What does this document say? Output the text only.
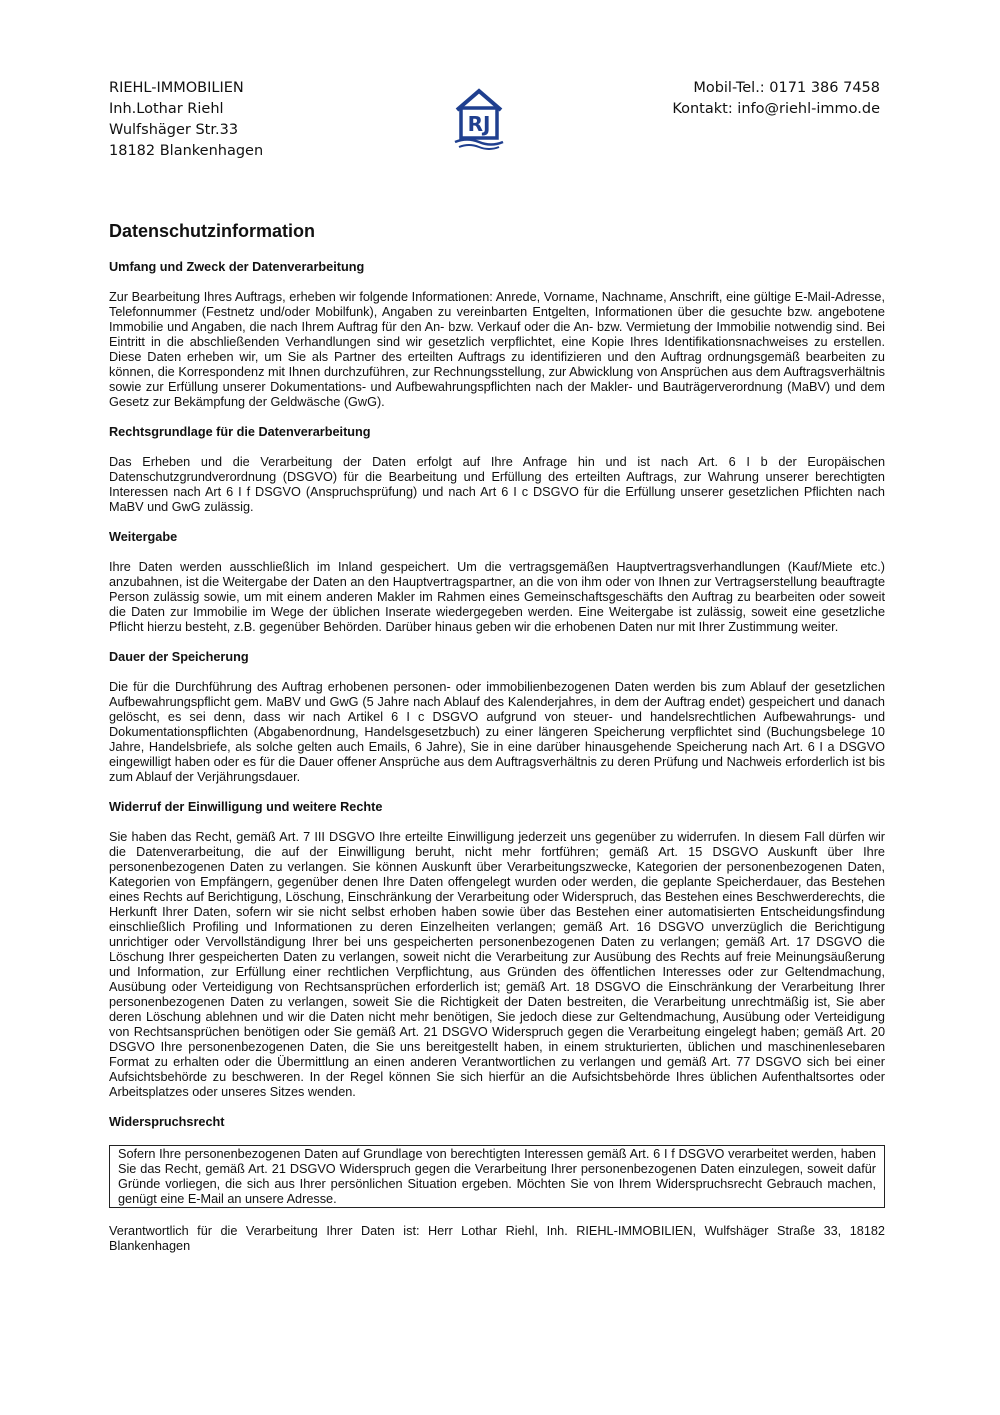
RIEHL-IMMOBILIEN
Inh.Lothar Riehl
Wulfshäger Str.33
18182 Blankenhagen
RJ
Mobil-Tel.: 0171 386 7458
Kontakt: info@riehl-immo.de
Datenschutzinformation
Umfang und Zweck der Datenverarbeitung

Zur Bearbeitung Ihres Auftrags, erheben wir folgende Informationen: Anrede, Vorname, Nachname, Anschrift, eine gültige E-Mail-Adresse, Telefonnummer (Festnetz und/oder Mobilfunk), Angaben zu vereinbarten Entgelten, Informationen über die gesuchte bzw. angebotene Immobilie und Angaben, die nach Ihrem Auftrag für den An- bzw. Verkauf oder die An- bzw. Vermietung der Immobilie notwendig sind. Bei Eintritt in die abschließenden Verhandlungen sind wir gesetzlich verpflichtet, eine Kopie Ihres Identifikationsnachweises zu erstellen. Diese Daten erheben wir, um Sie als Partner des erteilten Auftrags zu identifizieren und den Auftrag ordnungsgemäß bearbeiten zu können, die Korrespondenz mit Ihnen durchzuführen, zur Rechnungsstellung, zur Abwicklung von Ansprüchen aus dem Auftragsverhältnis sowie zur Erfüllung unserer Dokumentations- und Aufbewahrungspflichten nach der Makler- und Bauträgerverordnung (MaBV) und dem Gesetz zur Bekämpfung der Geldwäsche (GwG).

Rechtsgrundlage für die Datenverarbeitung

Das Erheben und die Verarbeitung der Daten erfolgt auf Ihre Anfrage hin und ist nach Art. 6 I b der Europäischen Datenschutzgrundverordnung (DSGVO) für die Bearbeitung und Erfüllung des erteilten Auftrags, zur Wahrung unserer berechtigten Interessen nach Art 6 I f DSGVO (Anspruchsprüfung) und nach Art 6 I c DSGVO für die Erfüllung unserer gesetzlichen Pflichten nach MaBV und GwG zulässig.

Weitergabe

Ihre Daten werden ausschließlich im Inland gespeichert. Um die vertragsgemäßen Hauptvertragsverhandlungen (Kauf/Miete etc.) anzubahnen, ist die Weitergabe der Daten an den Hauptvertragspartner, an die von ihm oder von Ihnen zur Vertragserstellung beauftragte Person zulässig sowie, um mit einem anderen Makler im Rahmen eines Gemeinschaftsgeschäfts den Auftrag zu bearbeiten oder soweit die Daten zur Immobilie im Wege der üblichen Inserate wiedergegeben werden. Eine Weitergabe ist zulässig, soweit eine gesetzliche Pflicht hierzu besteht, z.B. gegenüber Behörden. Darüber hinaus geben wir die erhobenen Daten nur mit Ihrer Zustimmung weiter.

Dauer der Speicherung

Die für die Durchführung des Auftrag erhobenen personen- oder immobilienbezogenen Daten werden bis zum Ablauf der gesetzlichen Aufbewahrungspflicht gem. MaBV und GwG (5 Jahre nach Ablauf des Kalenderjahres, in dem der Auftrag endet) gespeichert und danach gelöscht, es sei denn, dass wir nach Artikel 6 I c DSGVO aufgrund von steuer- und handelsrechtlichen Aufbewahrungs- und Dokumentationspflichten (Abgabenordnung, Handelsgesetzbuch) zu einer längeren Speicherung verpflichtet sind (Buchungsbelege 10 Jahre, Handelsbriefe, als solche gelten auch Emails, 6 Jahre), Sie in eine darüber hinausgehende Speicherung nach Art. 6 I a DSGVO eingewilligt haben oder es für die Dauer offener Ansprüche aus dem Auftragsverhältnis zu deren Prüfung und Nachweis erforderlich ist bis zum Ablauf der Verjährungsdauer.

Widerruf der Einwilligung und weitere Rechte

Sie haben das Recht, gemäß Art. 7 III DSGVO Ihre erteilte Einwilligung jederzeit uns gegenüber zu widerrufen. In diesem Fall dürfen wir die Datenverarbeitung, die auf der Einwilligung beruht, nicht mehr fortführen; gemäß Art. 15 DSGVO Auskunft über Ihre personenbezogenen Daten zu verlangen. Sie können Auskunft über Verarbeitungszwecke, Kategorien der personenbezogenen Daten, Kategorien von Empfängern, gegenüber denen Ihre Daten offengelegt wurden oder werden, die geplante Speicherdauer, das Bestehen eines Rechts auf Berichtigung, Löschung, Einschränkung der Verarbeitung oder Widerspruch, das Bestehen eines Beschwerderechts, die Herkunft Ihrer Daten, sofern wir sie nicht selbst erhoben haben sowie über das Bestehen einer automatisierten Entscheidungsfindung einschließlich Profiling und Informationen zu deren Einzelheiten verlangen; gemäß Art. 16 DSGVO unverzüglich die Berichtigung unrichtiger oder Vervollständigung Ihrer bei uns gespeicherten personenbezogenen Daten zu verlangen; gemäß Art. 17 DSGVO die Löschung Ihrer gespeicherten Daten zu verlangen, soweit nicht die Verarbeitung zur Ausübung des Rechts auf freie Meinungsäußerung und Information, zur Erfüllung einer rechtlichen Verpflichtung, aus Gründen des öffentlichen Interesses oder zur Geltendmachung, Ausübung oder Verteidigung von Rechtsansprüchen erforderlich ist; gemäß Art. 18 DSGVO die Einschränkung der Verarbeitung Ihrer personenbezogenen Daten zu verlangen, soweit Sie die Richtigkeit der Daten bestreiten, die Verarbeitung unrechtmäßig ist, Sie aber deren Löschung ablehnen und wir die Daten nicht mehr benötigen, Sie jedoch diese zur Geltendmachung, Ausübung oder Verteidigung von Rechtsansprüchen benötigen oder Sie gemäß Art. 21 DSGVO Widerspruch gegen die Verarbeitung eingelegt haben; gemäß Art. 20 DSGVO Ihre personenbezogenen Daten, die Sie uns bereitgestellt haben, in einem strukturierten, üblichen und maschinenlesebaren Format zu erhalten oder die Übermittlung an einen anderen Verantwortlichen zu verlangen und gemäß Art. 77 DSGVO sich bei einer Aufsichtsbehörde zu beschweren. In der Regel können Sie sich hierfür an die Aufsichtsbehörde Ihres üblichen Aufenthaltsortes oder Arbeitsplatzes oder unseres Sitzes wenden.

Widerspruchsrecht

Sofern Ihre personenbezogenen Daten auf Grundlage von berechtigten Interessen gemäß Art. 6 I f DSGVO verarbeitet werden, haben Sie das Recht, gemäß Art. 21 DSGVO Widerspruch gegen die Verarbeitung Ihrer personenbezogenen Daten einzulegen, soweit dafür Gründe vorliegen, die sich aus Ihrer persönlichen Situation ergeben. Möchten Sie von Ihrem Widerspruchsrecht Gebrauch machen, genügt eine E-Mail an unsere Adresse.

Verantwortlich für die Verarbeitung Ihrer Daten ist: Herr Lothar Riehl, Inh. RIEHL-IMMOBILIEN, Wulfshäger Straße 33, 18182 Blankenhagen
